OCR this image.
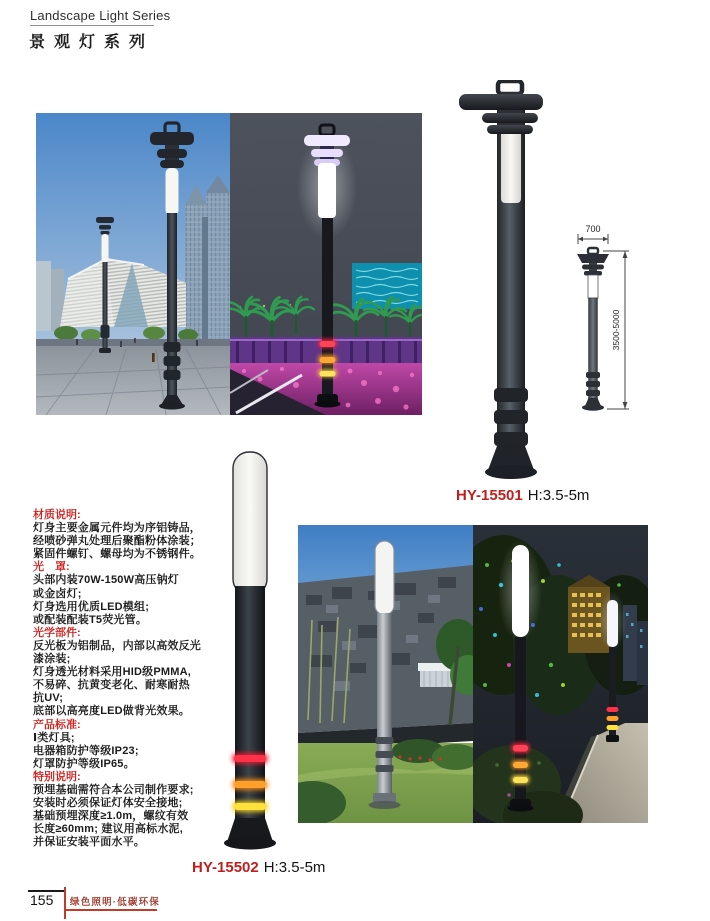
Landscape Light Series
景观灯系列
700
3500-5000
HY-15501 H:3.5-5m
材质说明:
灯身主要金属元件均为序铝铸品，
经喷砂弹丸处理后聚酯粉体涂装；
紧固件螺钉、螺母均为不锈钢件。
光　罩:
头部内装70W-150W高压钠灯
或金卤灯;
灯身选用优质LED模组;
或配装配装T5荧光管。
光学部件:
反光板为铝制品，内部以高效反光
漆涂装;
灯身透光材料采用HID级PMMA,
不易碎、抗黄变老化、耐寒耐热
抗UV;
底部以高亮度LED做背光效果。
产品标准:
Ⅰ类灯具;
电器箱防护等级IP23;
灯罩防护等级IP65。
特别说明:
预埋基础需符合本公司制作要求;
安装时必须保证灯体安全接地;
基础预埋深度≥1.0m，螺纹有效
长度≥60mm; 建议用高标水泥,
并保证安装平面水平。
HY-15502 H:3.5-5m
155 绿色照明·低碳环保
